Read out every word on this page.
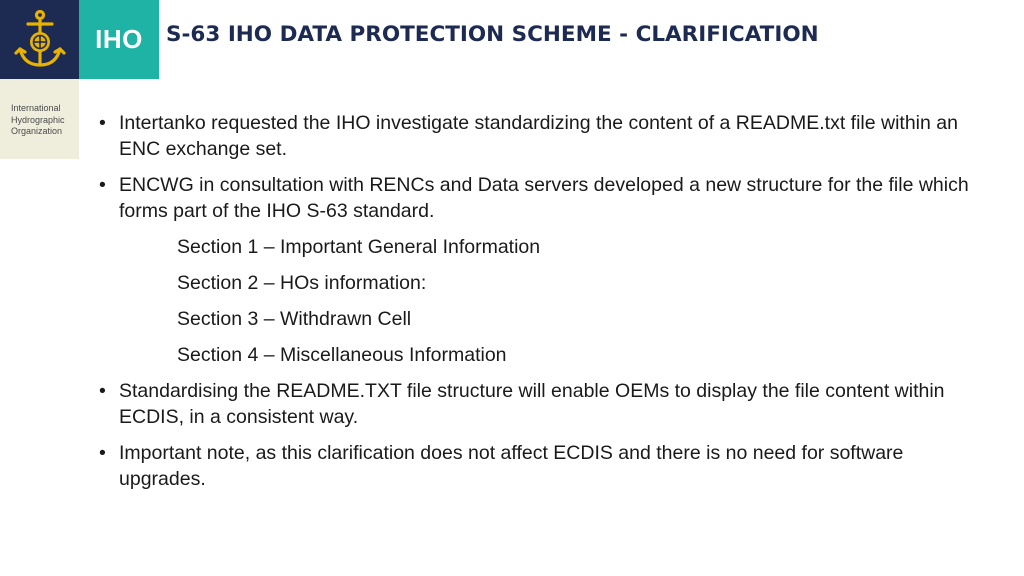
IHO
International
Hydrographic
Organization
S-63 IHO DATA PROTECTION SCHEME - CLARIFICATION
• Intertanko requested the IHO investigate standardizing the content of a README.txt file within an ENC exchange set.
• ENCWG in consultation with RENCs and Data servers developed a new structure for the file which forms part of the IHO S-63 standard.
Section 1 – Important General Information
Section 2 – HOs information:
Section 3 – Withdrawn Cell
Section 4 – Miscellaneous Information
• Standardising the README.TXT file structure will enable OEMs to display the file content within ECDIS, in a consistent way.
• Important note, as this clarification does not affect ECDIS and there is no need for software upgrades.
